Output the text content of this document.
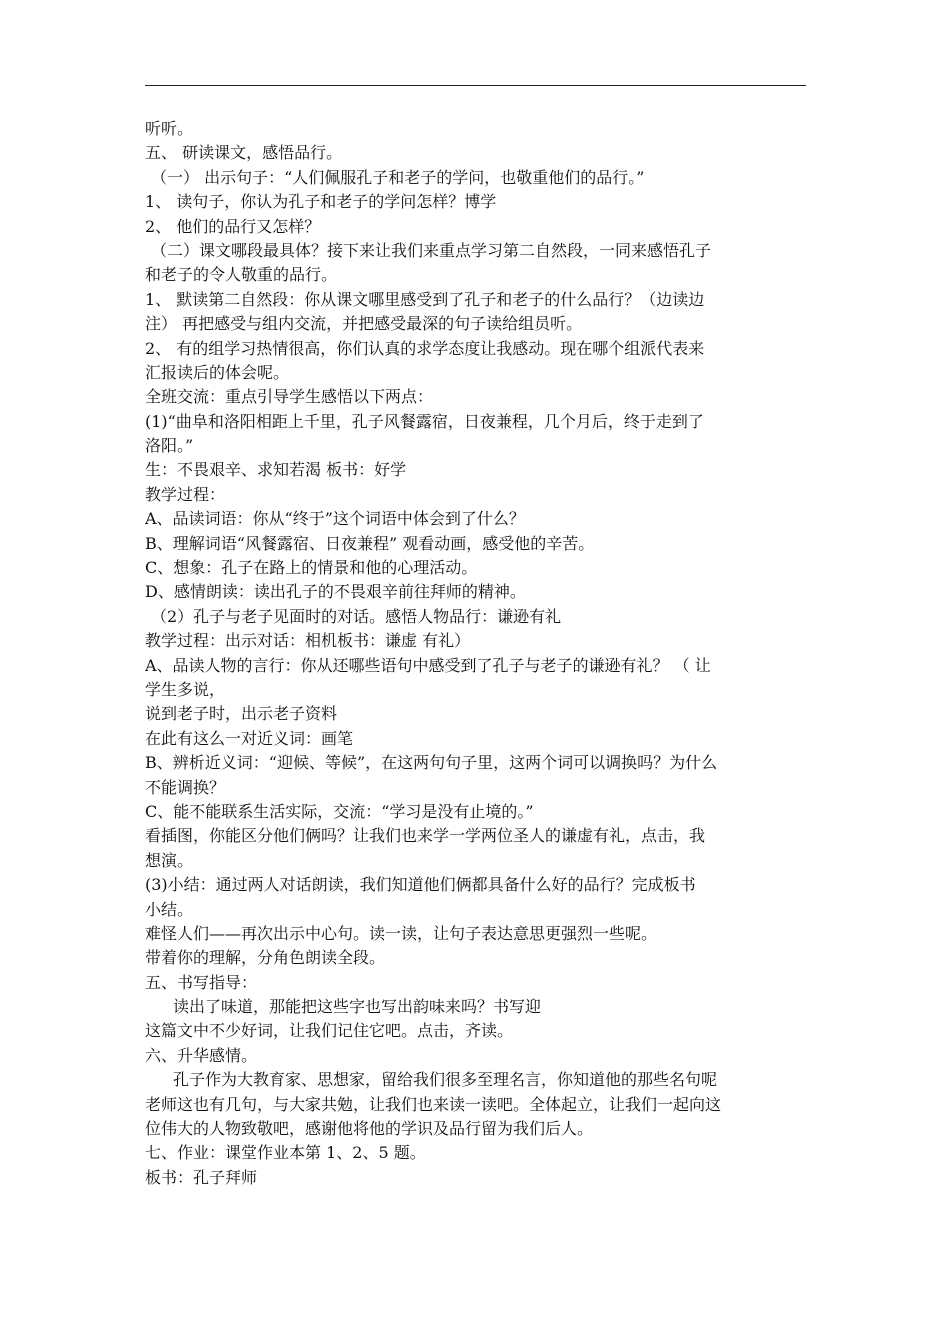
听听。
五、 研读课文，感悟品行。
（一） 出示句子：“人们佩服孔子和老子的学问，也敬重他们的品行。”
1、 读句子，你认为孔子和老子的学问怎样？博学
2、 他们的品行又怎样？
（二）课文哪段最具体？接下来让我们来重点学习第二自然段，一同来感悟孔子
和老子的令人敬重的品行。
1、 默读第二自然段：你从课文哪里感受到了孔子和老子的什么品行？（边读边
注） 再把感受与组内交流，并把感受最深的句子读给组员听。
2、 有的组学习热情很高，你们认真的求学态度让我感动。现在哪个组派代表来
汇报读后的体会呢。
全班交流：重点引导学生感悟以下两点：
(1)“曲阜和洛阳相距上千里，孔子风餐露宿，日夜兼程，几个月后，终于走到了
洛阳。”
生：不畏艰辛、求知若渴 板书：好学
教学过程：
A、品读词语：你从“终于”这个词语中体会到了什么？
B、理解词语“风餐露宿、日夜兼程” 观看动画，感受他的辛苦。
C、想象：孔子在路上的情景和他的心理活动。
D、感情朗读：读出孔子的不畏艰辛前往拜师的精神。
（2）孔子与老子见面时的对话。感悟人物品行：谦逊有礼
教学过程：出示对话：相机板书：谦虚 有礼）
A、品读人物的言行：你从还哪些语句中感受到了孔子与老子的谦逊有礼？ （ 让
学生多说，
说到老子时，出示老子资料
在此有这么一对近义词：画笔
B、辨析近义词：“迎候、等候”，在这两句句子里，这两个词可以调换吗？为什么
不能调换？
C、能不能联系生活实际，交流：“学习是没有止境的。”
看插图，你能区分他们俩吗？让我们也来学一学两位圣人的谦虚有礼，点击，我
想演。
(3)小结：通过两人对话朗读，我们知道他们俩都具备什么好的品行？完成板书
小结。
难怪人们——再次出示中心句。读一读，让句子表达意思更强烈一些呢。
带着你的理解，分角色朗读全段。
五、书写指导：
读出了味道，那能把这些字也写出韵味来吗？书写迎
这篇文中不少好词，让我们记住它吧。点击，齐读。
六、升华感情。
孔子作为大教育家、思想家，留给我们很多至理名言，你知道他的那些名句呢
老师这也有几句，与大家共勉，让我们也来读一读吧。全体起立，让我们一起向这
位伟大的人物致敬吧，感谢他将他的学识及品行留为我们后人。
七、作业：课堂作业本第 1、2、5 题。
板书：孔子拜师
